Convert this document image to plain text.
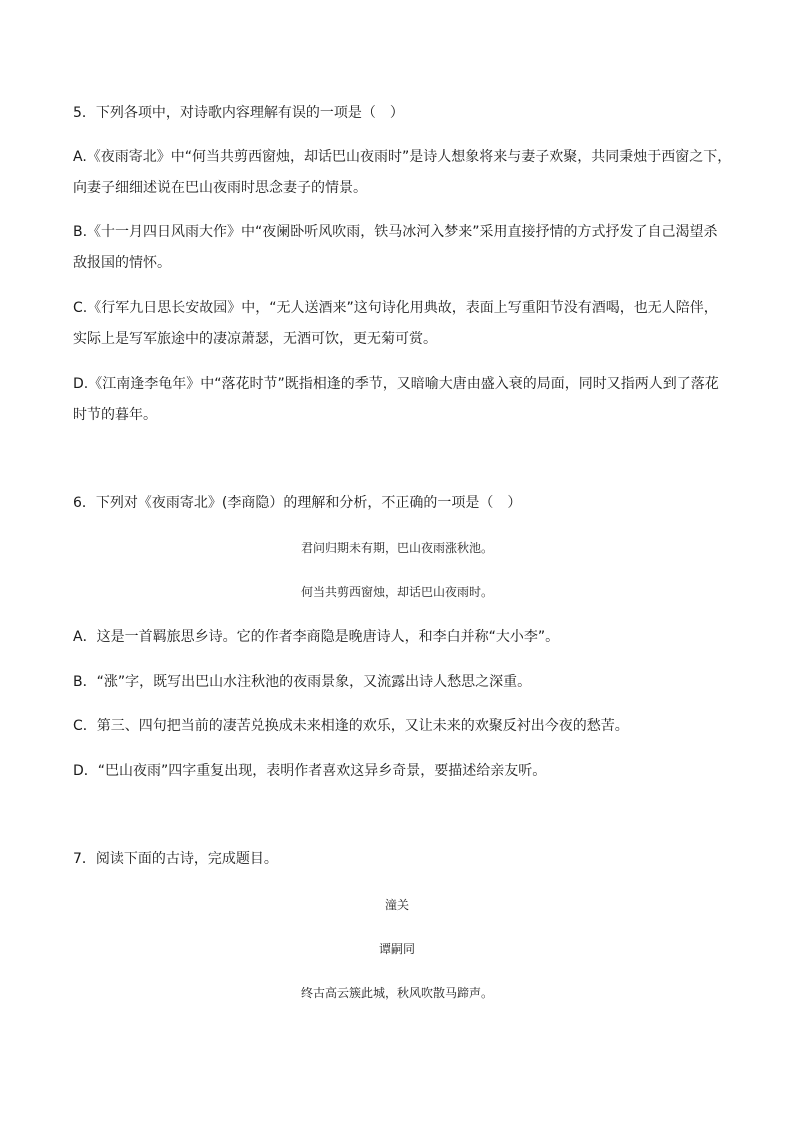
5．下列各项中，对诗歌内容理解有误的一项是（　）
A.《夜雨寄北》中“何当共剪西窗烛，却话巴山夜雨时”是诗人想象将来与妻子欢聚，共同秉烛于西窗之下，
向妻子细细述说在巴山夜雨时思念妻子的情景。
B.《十一月四日风雨大作》中“夜阑卧听风吹雨，铁马冰河入梦来”采用直接抒情的方式抒发了自己渴望杀
敌报国的情怀。
C.《行军九日思长安故园》中，“无人送酒来”这句诗化用典故，表面上写重阳节没有酒喝，也无人陪伴，
实际上是写军旅途中的凄凉萧瑟，无酒可饮，更无菊可赏。
D.《江南逢李龟年》中“落花时节”既指相逢的季节，又暗喻大唐由盛入衰的局面，同时又指两人到了落花
时节的暮年。
6．下列对《夜雨寄北》(李商隐）的理解和分析，不正确的一项是（　）
君问归期未有期，巴山夜雨涨秋池。
何当共剪西窗烛，却话巴山夜雨时。
A．这是一首羁旅思乡诗。它的作者李商隐是晚唐诗人，和李白并称“大小李”。
B．“涨”字，既写出巴山水注秋池的夜雨景象，又流露出诗人愁思之深重。
C．第三、四句把当前的凄苦兑换成未来相逢的欢乐，又让未来的欢聚反衬出今夜的愁苦。
D．“巴山夜雨”四字重复出现，表明作者喜欢这异乡奇景，要描述给亲友听。
7．阅读下面的古诗，完成题目。
潼关
谭嗣同
终古高云簇此城，秋风吹散马蹄声。
